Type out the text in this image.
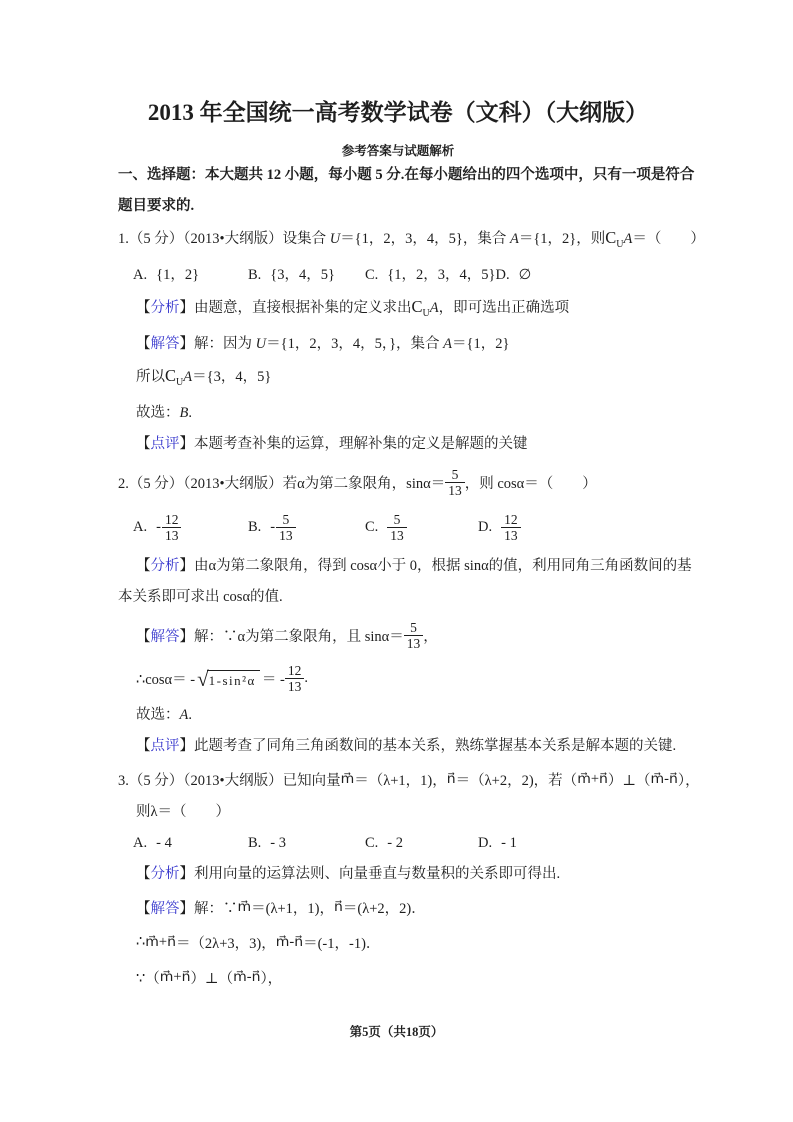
2013 年全国统一高考数学试卷（文科）（大纲版）

参考答案与试题解析

一、选择题：本大题共 12 小题，每小题 5 分.在每小题给出的四个选项中，只有一项是符合

题目要求的.

1.（5 分）（2013•大纲版）设集合 U＝{1，2，3，4，5}，集合 A＝{1，2}，则$C_UA=$（　　）

A. {1，2}	B. {3，4，5} C. {1，2，3，4，5} D. ∅

【分析】由题意，直接根据补集的定义求出$C_UA$，即可选出正确选项

【解答】解：因为 U＝{1，2，3，4，5，}，集合 A＝{1，2}

所以$C_UA=\{3$，4，5}

故选：B.

【点评】本题考查补集的运算，理解补集的定义是解题的关键

2.（5 分）（2013•大纲版）若α为第二象限角，$\sin\alpha= \frac{5}{13}$ ，则 cosα＝（　　）
A. - $\frac{12}{13}$	B. - $\frac{5}{13}$	C. $\frac{5}{13}$	D. $\frac{12}{13}$

【分析】由α为第二象限角，得到 cosα小于 0，根据 sinα的值，利用同角三角函数间的基

本关系即可求出 cosα的值.

【解答】 解：∵α为第二象限角，且 $\sin\alpha= \frac{5}{13}$ ，
∴cosα＝ - √ 1-sin²α ＝ - $\frac{12}{13}$ .

故选：A.

【点评】此题考查了同角三角函数间的基本关系，熟练掌握基本关系是解本题的关键.

3.（5 分）（2013•大纲版）已知向量 m⃗ ＝（λ+1，1)， n⃗ ＝（λ+2，2)，若（ m⃗ + n⃗ ）⊥（ m⃗ - n⃗ ），

则λ＝（　　）

A. - 4	B. - 3	C. - 2	D. - 1

【分析】利用向量的运算法则、向量垂直与数量积的关系即可得出.

【解答】 解：∵ m⃗ ＝(λ+1，1)， n⃗ ＝(λ+2，2)．
∴ m⃗ + n⃗ ＝（2λ+3，3)， m⃗ - n⃗ ＝(-1，-1)．
∵（ m⃗ + n⃗ ）⊥（ m⃗ - n⃗ ），
第5页（共18页）
